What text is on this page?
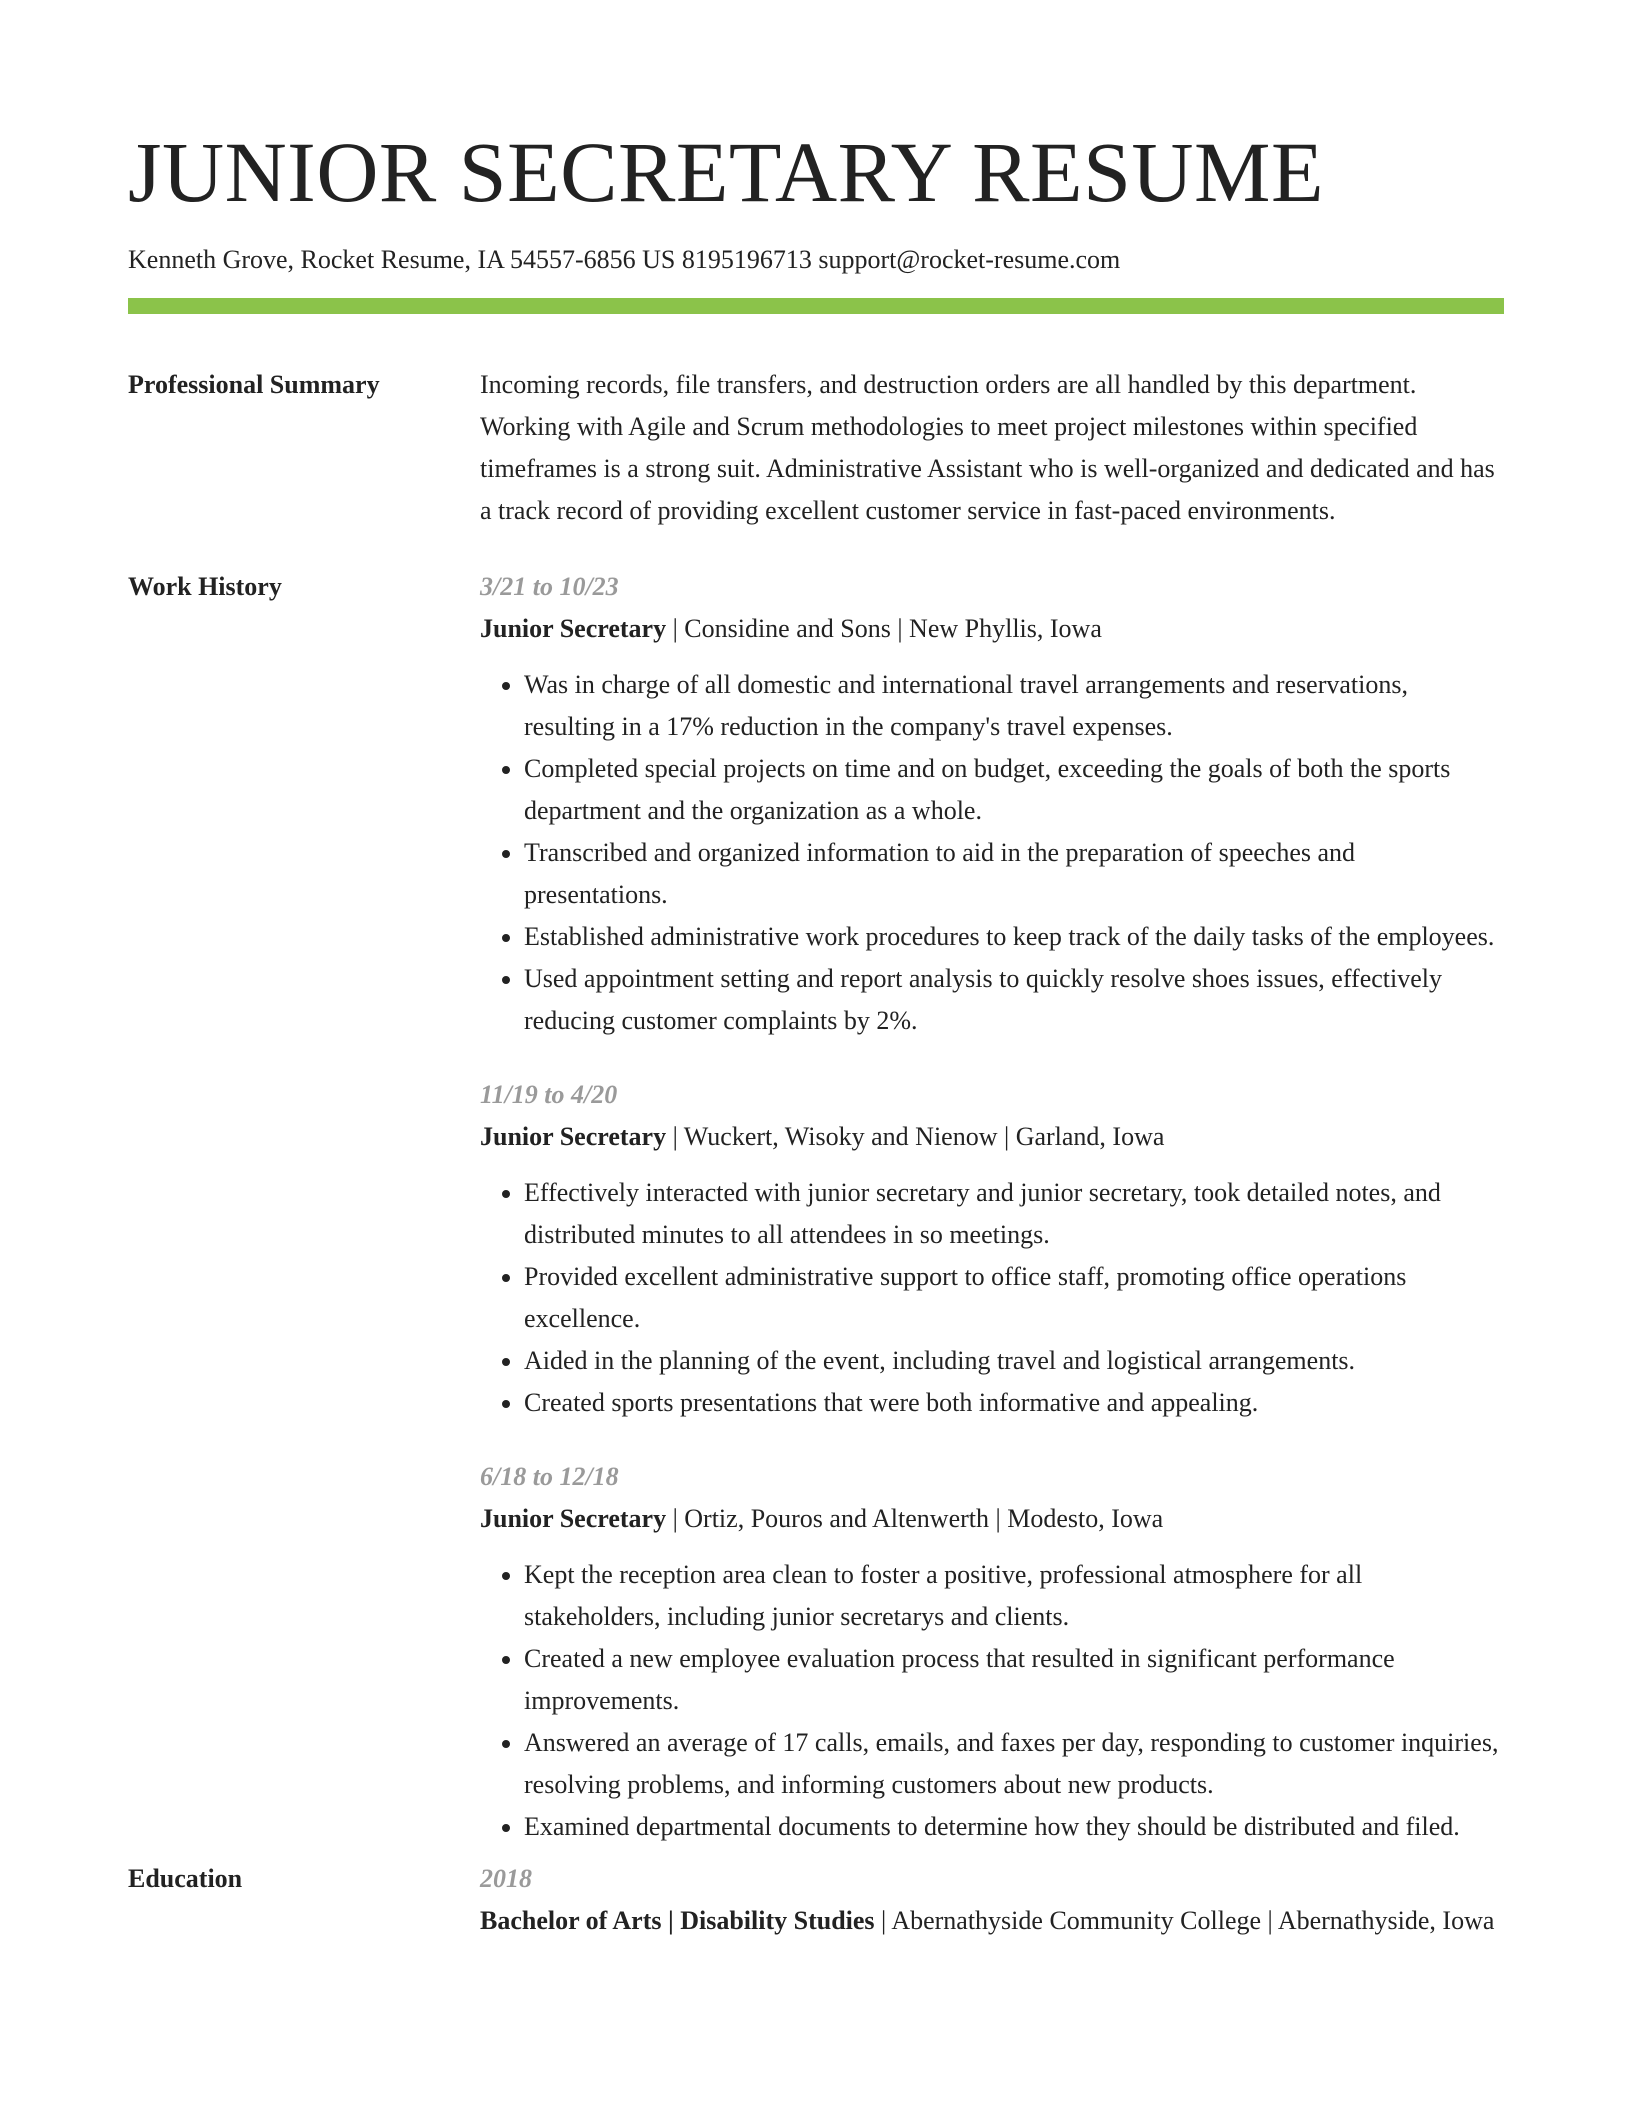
JUNIOR SECRETARY RESUME
Kenneth Grove, Rocket Resume, IA 54557-6856 US 8195196713 support@rocket-resume.com
Professional Summary	Incoming records, file transfers, and destruction orders are all handled by this department. Working with Agile and Scrum methodologies to meet project milestones within specified timeframes is a strong suit. Administrative Assistant who is well-organized and dedicated and has a track record of providing excellent customer service in fast-paced environments.
Work History	3/21 to 10/23
Junior Secretary | Considine and Sons | New Phyllis, Iowa
• Was in charge of all domestic and international travel arrangements and reservations, resulting in a 17% reduction in the company's travel expenses.
• Completed special projects on time and on budget, exceeding the goals of both the sports department and the organization as a whole.
• Transcribed and organized information to aid in the preparation of speeches and presentations.
• Established administrative work procedures to keep track of the daily tasks of the employees.
• Used appointment setting and report analysis to quickly resolve shoes issues, effectively reducing customer complaints by 2%.
11/19 to 4/20
Junior Secretary | Wuckert, Wisoky and Nienow | Garland, Iowa
• Effectively interacted with junior secretary and junior secretary, took detailed notes, and distributed minutes to all attendees in so meetings.
• Provided excellent administrative support to office staff, promoting office operations excellence.
• Aided in the planning of the event, including travel and logistical arrangements.
• Created sports presentations that were both informative and appealing.
6/18 to 12/18
Junior Secretary | Ortiz, Pouros and Altenwerth | Modesto, Iowa
• Kept the reception area clean to foster a positive, professional atmosphere for all stakeholders, including junior secretarys and clients.
• Created a new employee evaluation process that resulted in significant performance improvements.
• Answered an average of 17 calls, emails, and faxes per day, responding to customer inquiries, resolving problems, and informing customers about new products.
• Examined departmental documents to determine how they should be distributed and filed.
Education	2018
Bachelor of Arts | Disability Studies | Abernathyside Community College | Abernathyside, Iowa
